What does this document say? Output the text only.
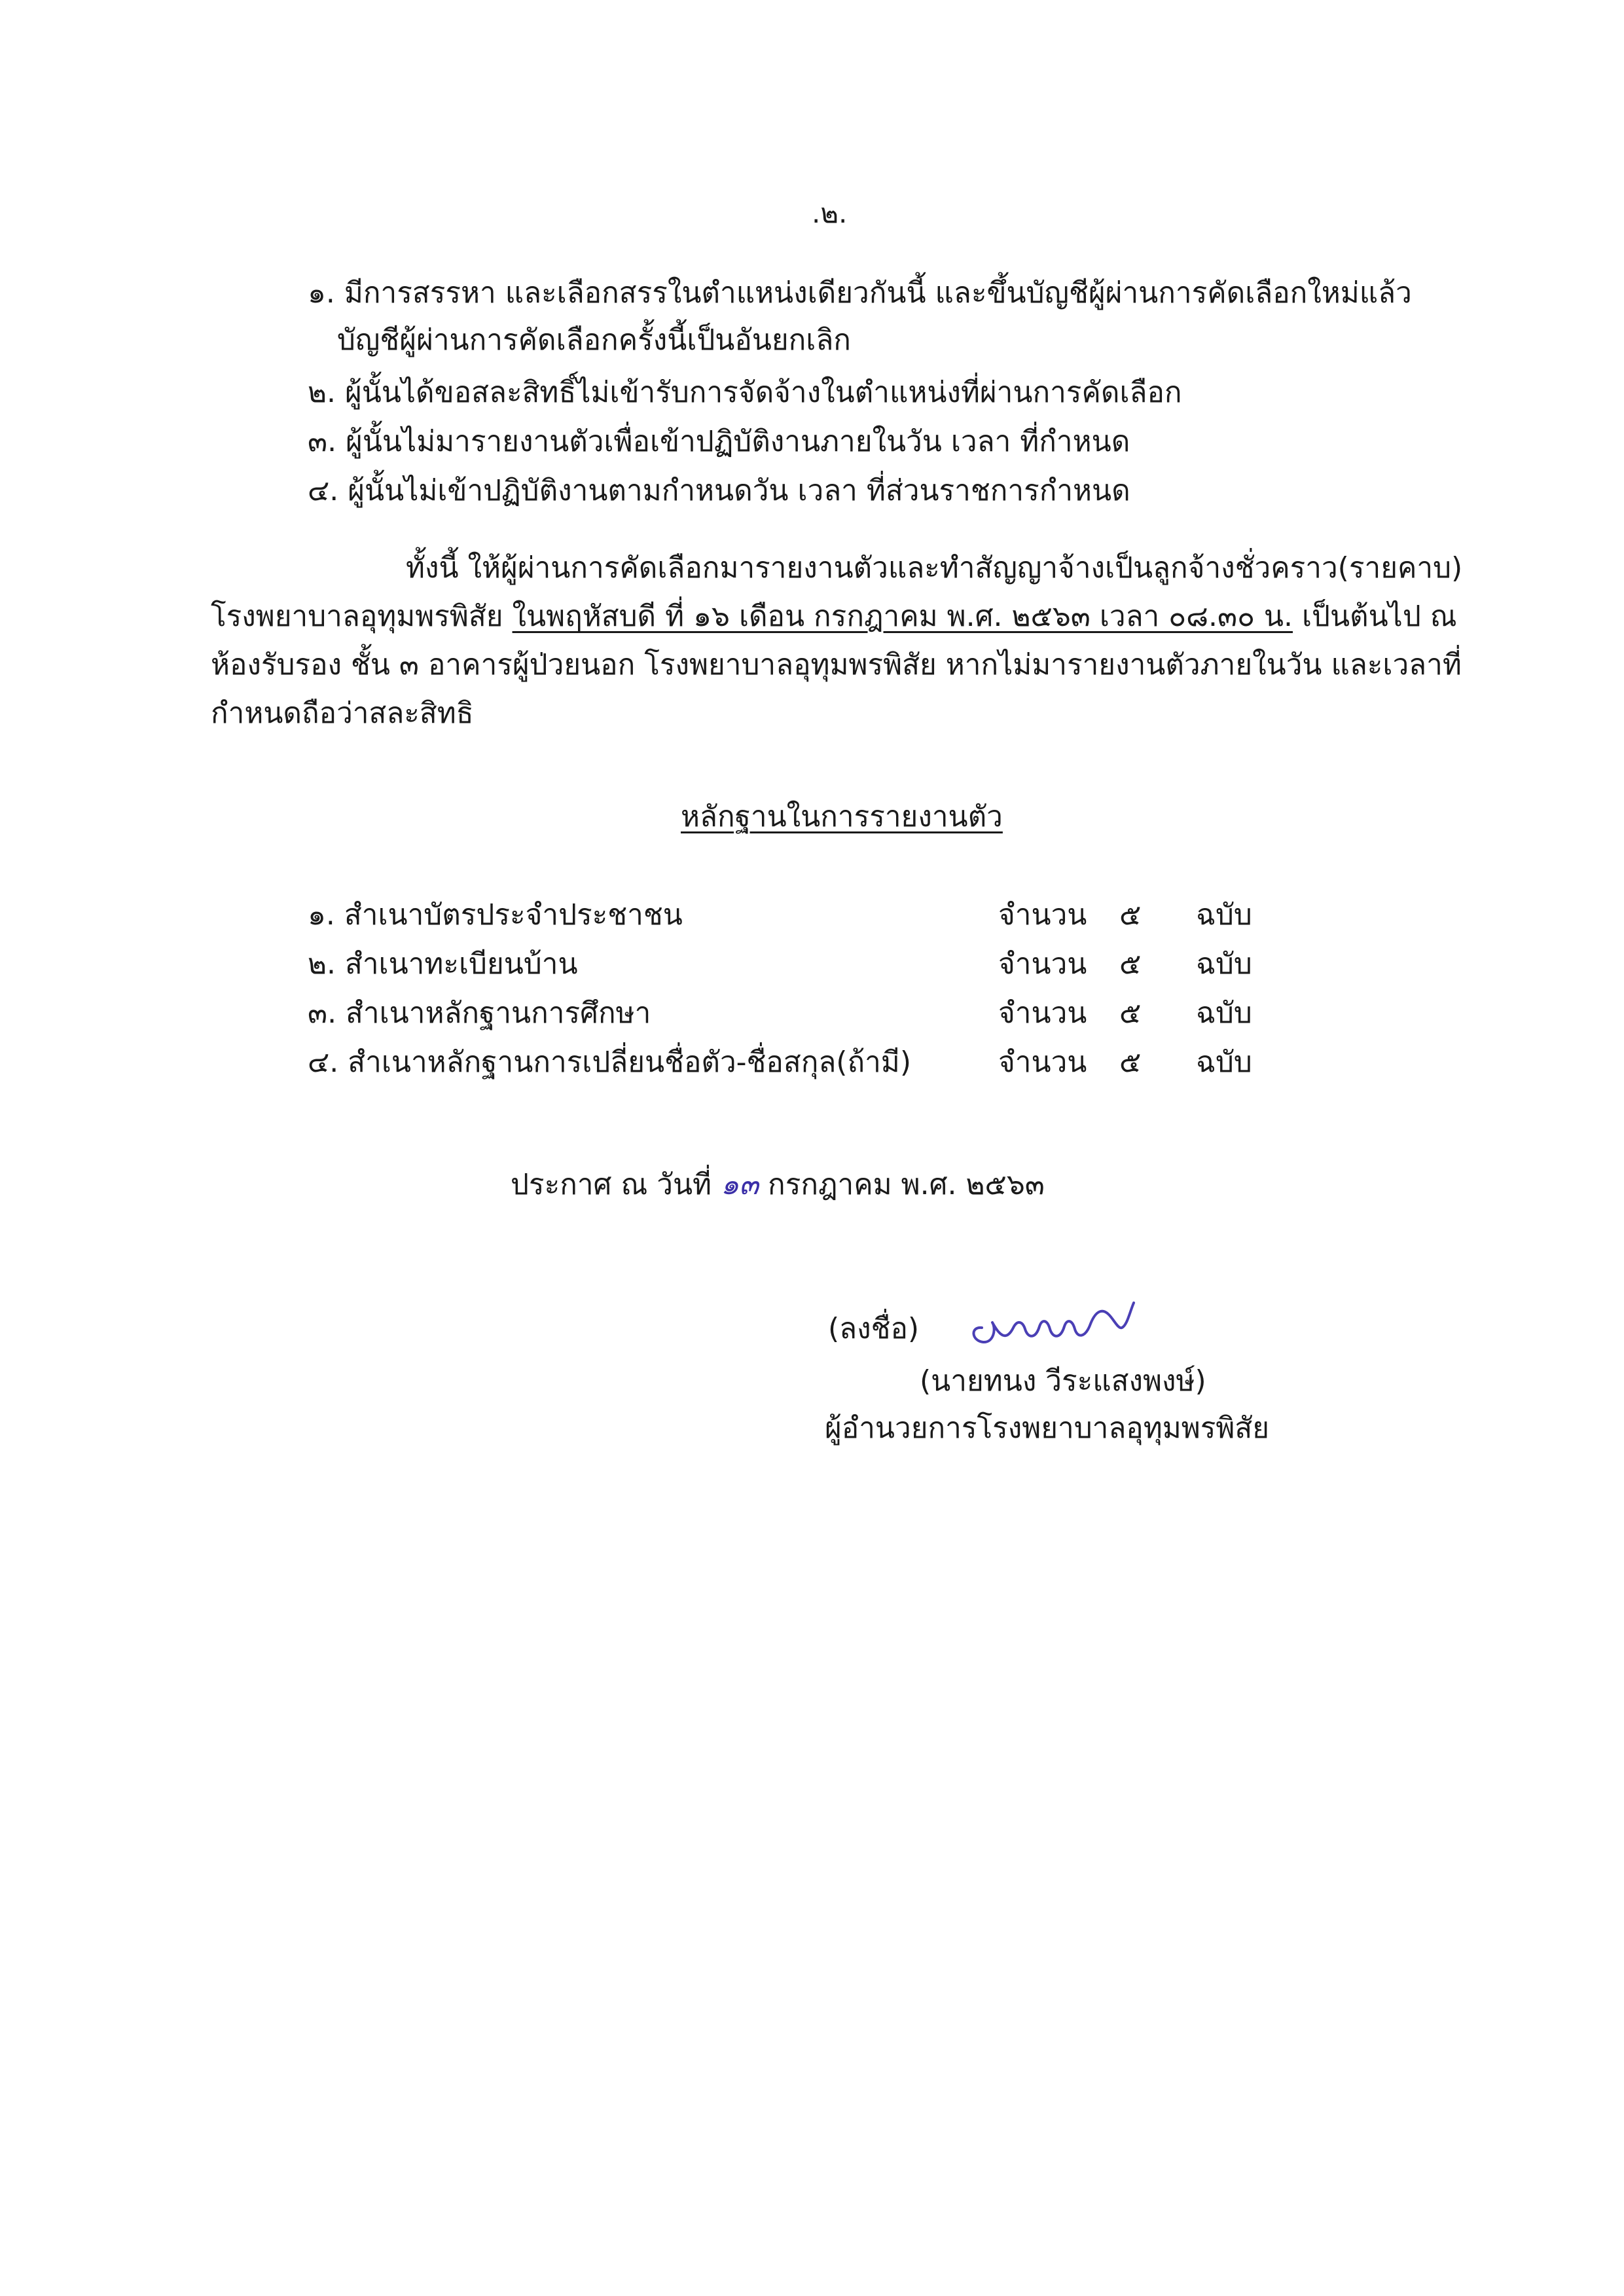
.๒.
๑. มีการสรรหา และเลือกสรรในตำแหน่งเดียวกันนี้ และขึ้นบัญชีผู้ผ่านการคัดเลือกใหม่แล้ว
บัญชีผู้ผ่านการคัดเลือกครั้งนี้เป็นอันยกเลิก
๒. ผู้นั้นได้ขอสละสิทธิ์ไม่เข้ารับการจัดจ้างในตำแหน่งที่ผ่านการคัดเลือก
๓. ผู้นั้นไม่มารายงานตัวเพื่อเข้าปฏิบัติงานภายในวัน เวลา ที่กำหนด
๔. ผู้นั้นไม่เข้าปฏิบัติงานตามกำหนดวัน เวลา ที่ส่วนราชการกำหนด
ทั้งนี้ ให้ผู้ผ่านการคัดเลือกมารายงานตัวและทำสัญญาจ้างเป็นลูกจ้างชั่วคราว(รายคาบ)
โรงพยาบาลอุทุมพรพิสัย ในพฤหัสบดี ที่ ๑๖ เดือน กรกฎาคม พ.ศ. ๒๕๖๓ เวลา ๐๘.๓๐ น. เป็นต้นไป ณ
ห้องรับรอง ชั้น ๓ อาคารผู้ป่วยนอก โรงพยาบาลอุทุมพรพิสัย หากไม่มารายงานตัวภายในวัน และเวลาที่
กำหนดถือว่าสละสิทธิ
หลักฐานในการรายงานตัว
๑. สำเนาบัตรประจำประชาชน	จำนวน ๕ ฉบับ
๒. สำเนาทะเบียนบ้าน	จำนวน ๕ ฉบับ
๓. สำเนาหลักฐานการศึกษา	จำนวน ๕ ฉบับ
๔. สำเนาหลักฐานการเปลี่ยนชื่อตัว-ชื่อสกุล(ถ้ามี)	จำนวน ๕ ฉบับ
ประกาศ ณ วันที่ ๑๓ กรกฎาคม พ.ศ. ๒๕๖๓
(ลงชื่อ)
(นายทนง วีระแสงพงษ์)
ผู้อำนวยการโรงพยาบาลอุทุมพรพิสัย
